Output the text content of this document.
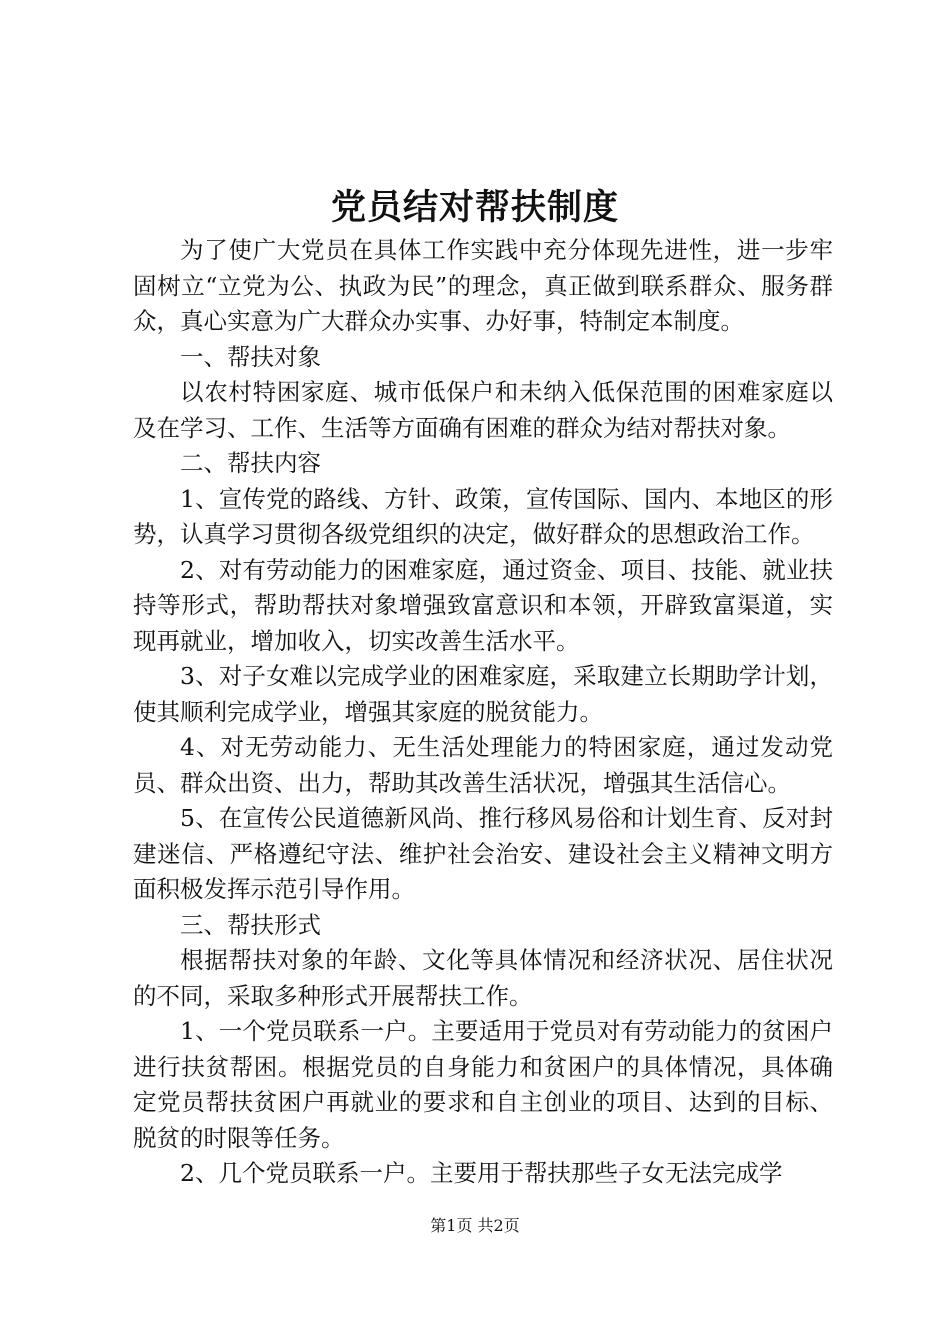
党员结对帮扶制度

为了使广大党员在具体工作实践中充分体现先进性，进一步牢固树立“立党为公、执政为民”的理念，真正做到联系群众、服务群众，真心实意为广大群众办实事、办好事，特制定本制度。

一、帮扶对象

以农村特困家庭、城市低保户和未纳入低保范围的困难家庭以及在学习、工作、生活等方面确有困难的群众为结对帮扶对象。

二、帮扶内容

1、宣传党的路线、方针、政策，宣传国际、国内、本地区的形势，认真学习贯彻各级党组织的决定，做好群众的思想政治工作。

2、对有劳动能力的困难家庭，通过资金、项目、技能、就业扶持等形式，帮助帮扶对象增强致富意识和本领，开辟致富渠道，实现再就业，增加收入，切实改善生活水平。

3、对子女难以完成学业的困难家庭，采取建立长期助学计划，使其顺利完成学业，增强其家庭的脱贫能力。

4、对无劳动能力、无生活处理能力的特困家庭，通过发动党员、群众出资、出力，帮助其改善生活状况，增强其生活信心。

5、在宣传公民道德新风尚、推行移风易俗和计划生育、反对封建迷信、严格遵纪守法、维护社会治安、建设社会主义精神文明方面积极发挥示范引导作用。

三、帮扶形式

根据帮扶对象的年龄、文化等具体情况和经济状况、居住状况的不同，采取多种形式开展帮扶工作。

1、一个党员联系一户。主要适用于党员对有劳动能力的贫困户进行扶贫帮困。根据党员的自身能力和贫困户的具体情况，具体确定党员帮扶贫困户再就业的要求和自主创业的项目、达到的目标、脱贫的时限等任务。

2、几个党员联系一户。主要用于帮扶那些子女无法完成学

第1页 共2页
